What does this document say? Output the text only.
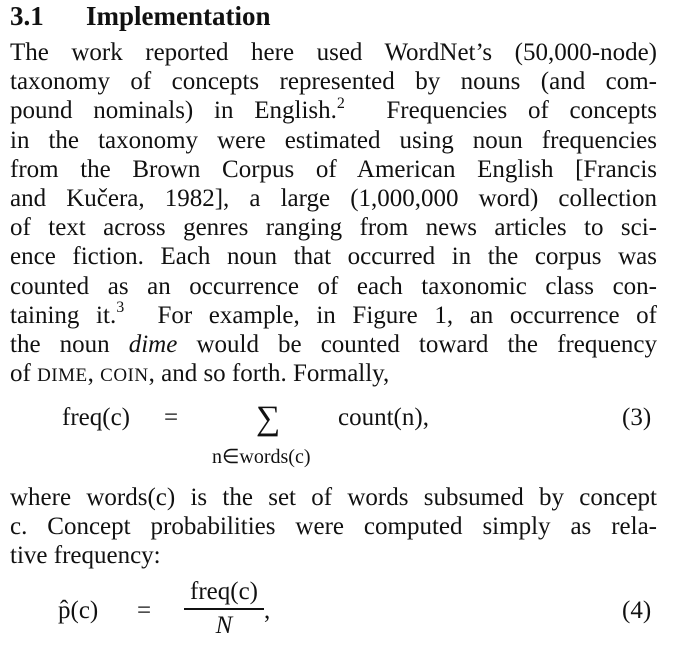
3.1 Implementation
The work reported here used WordNet’s (50,000-node)
taxonomy of concepts represented by nouns (and com-
pound nominals) in English.$^2$ Frequencies of concepts
in the taxonomy were estimated using noun frequencies
from the Brown Corpus of American English [Francis
and Kučera, 1982], a large (1,000,000 word) collection
of text across genres ranging from news articles to sci-
ence fiction. Each noun that occurred in the corpus was
counted as an occurrence of each taxonomic class con-
taining it.$^3$ For example, in Figure 1, an occurrence of
the noun dime would be counted toward the frequency
of DIME, COIN, and so forth. Formally,
freq(c) = ∑
n∈words(c)
count(n),	(3)
where words(c) is the set of words subsumed by concept
c. Concept probabilities were computed simply as rela-
tive frequency:
p̂(c) =
freq(c)
N
,	(4)
